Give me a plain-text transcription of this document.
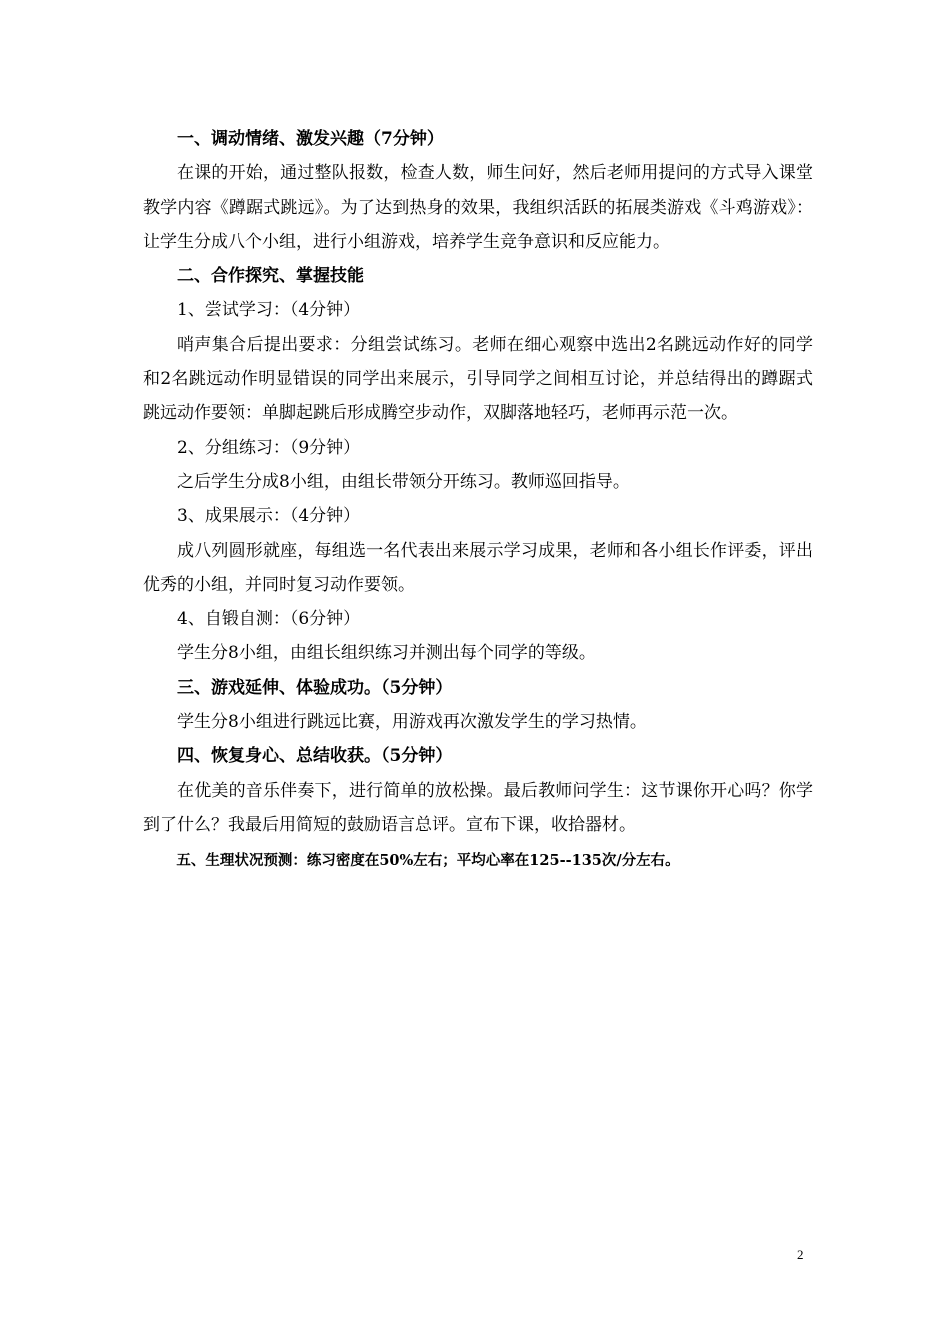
一、调动情绪、激发兴趣（7分钟）

在课的开始，通过整队报数，检查人数，师生问好，然后老师用提问的方式导入课堂教学内容《蹲踞式跳远》。为了达到热身的效果，我组织活跃的拓展类游戏《斗鸡游戏》：让学生分成八个小组，进行小组游戏，培养学生竞争意识和反应能力。

二、合作探究、掌握技能

1、尝试学习：（4分钟）

哨声集合后提出要求：分组尝试练习。老师在细心观察中选出2名跳远动作好的同学和2名跳远动作明显错误的同学出来展示，引导同学之间相互讨论，并总结得出的蹲踞式跳远动作要领：单脚起跳后形成腾空步动作，双脚落地轻巧，老师再示范一次。

2、分组练习：（9分钟）

之后学生分成8小组，由组长带领分开练习。教师巡回指导。

3、成果展示：（4分钟）

成八列圆形就座，每组选一名代表出来展示学习成果，老师和各小组长作评委，评出优秀的小组，并同时复习动作要领。

4、自锻自测：（6分钟）

学生分8小组，由组长组织练习并测出每个同学的等级。

三、游戏延伸、体验成功。（5分钟）

学生分8小组进行跳远比赛，用游戏再次激发学生的学习热情。

四、恢复身心、总结收获。（5分钟）

在优美的音乐伴奏下，进行简单的放松操。最后教师问学生：这节课你开心吗？你学到了什么？我最后用简短的鼓励语言总评。宣布下课，收拾器材。

五、生理状况预测：练习密度在50%左右；平均心率在125--135次/分左右。

2
